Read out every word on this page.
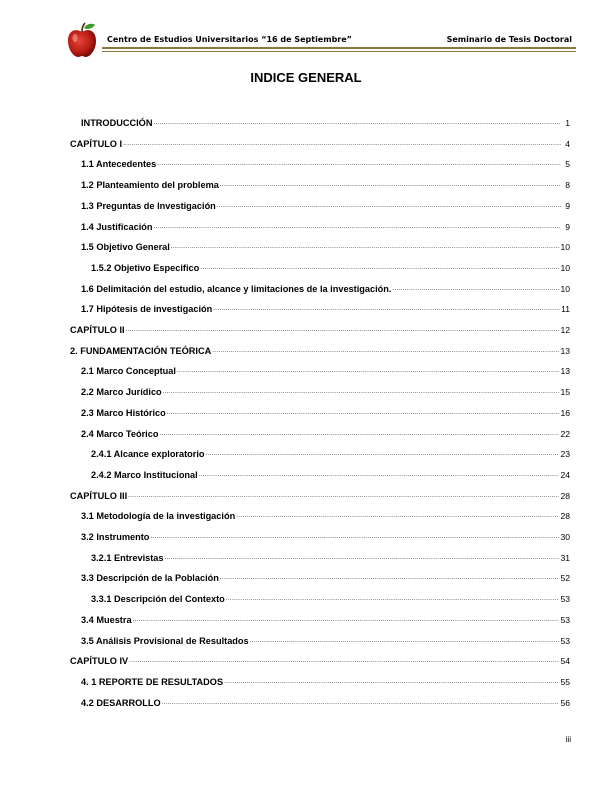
Centro de Estudios Universitarios “16 de Septiembre”	Seminario de Tesis Doctoral
INDICE GENERAL
INTRODUCCIÓN .....	1
CAPÍTULO I .....	4
1.1 Antecedentes .....	5
1.2 Planteamiento del problema .....	8
1.3 Preguntas de Investigación .....	9
1.4 Justificación .....	9
1.5 Objetivo General .....	10
1.5.2 Objetivo Especifico .....	10
1.6 Delimitación del estudio, alcance y limitaciones de la investigación. .....	10
1.7 Hipótesis de investigación .....	11
CAPÍTULO II .....	12
2. FUNDAMENTACIÓN TEÓRICA .....	13
2.1 Marco Conceptual .....	13
2.2 Marco Jurídico .....	15
2.3 Marco Histórico .....	16
2.4 Marco Teórico .....	22
2.4.1 Alcance exploratorio .....	23
2.4.2 Marco Institucional .....	24
CAPÍTULO III .....	28
3.1 Metodología de la investigación .....	28
3.2 Instrumento .....	30
3.2.1 Entrevistas .....	31
3.3 Descripción de la Población .....	52
3.3.1 Descripción del Contexto .....	53
3.4 Muestra .....	53
3.5 Análisis Provisional de Resultados .....	53
CAPÍTULO IV .....	54
4. 1 REPORTE DE RESULTADOS .....	55
4.2 DESARROLLO .....	56
iii
